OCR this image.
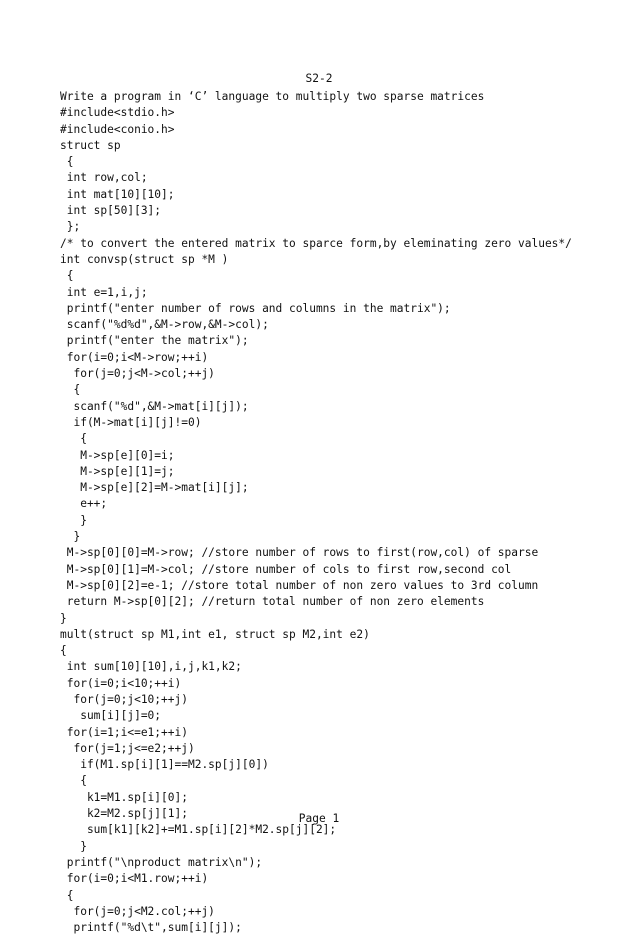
S2-2
Write a program in ‘C’ language to multiply two sparse matrices
#include<stdio.h>
#include<conio.h>
struct sp
{
int row,col;
int mat[10][10];
int sp[50][3];
};
/* to convert the entered matrix to sparce form,by eleminating zero values*/
int convsp(struct sp *M )
{
int e=1,i,j;
printf("enter number of rows and columns in the matrix");
scanf("%d%d",&M->row,&M->col);
printf("enter the matrix");
for(i=0;i<M->row;++i)
for(j=0;j<M->col;++j)
{
scanf("%d",&M->mat[i][j]);
if(M->mat[i][j]!=0)
{
M->sp[e][0]=i;
M->sp[e][1]=j;
M->sp[e][2]=M->mat[i][j];
e++;
}
}
M->sp[0][0]=M->row; //store number of rows to first(row,col) of sparse
M->sp[0][1]=M->col; //store number of cols to first row,second col
M->sp[0][2]=e-1; //store total number of non zero values to 3rd column
return M->sp[0][2]; //return total number of non zero elements
}
mult(struct sp M1,int e1, struct sp M2,int e2)
{
int sum[10][10],i,j,k1,k2;
for(i=0;i<10;++i)
for(j=0;j<10;++j)
sum[i][j]=0;
for(i=1;i<=e1;++i)
for(j=1;j<=e2;++j)
if(M1.sp[i][1]==M2.sp[j][0])
{
k1=M1.sp[i][0];
k2=M2.sp[j][1];
sum[k1][k2]+=M1.sp[i][2]*M2.sp[j][2];
}
printf("\nproduct matrix\n");
for(i=0;i<M1.row;++i)
{
for(j=0;j<M2.col;++j)
printf("%d\t",sum[i][j]);
Page 1
